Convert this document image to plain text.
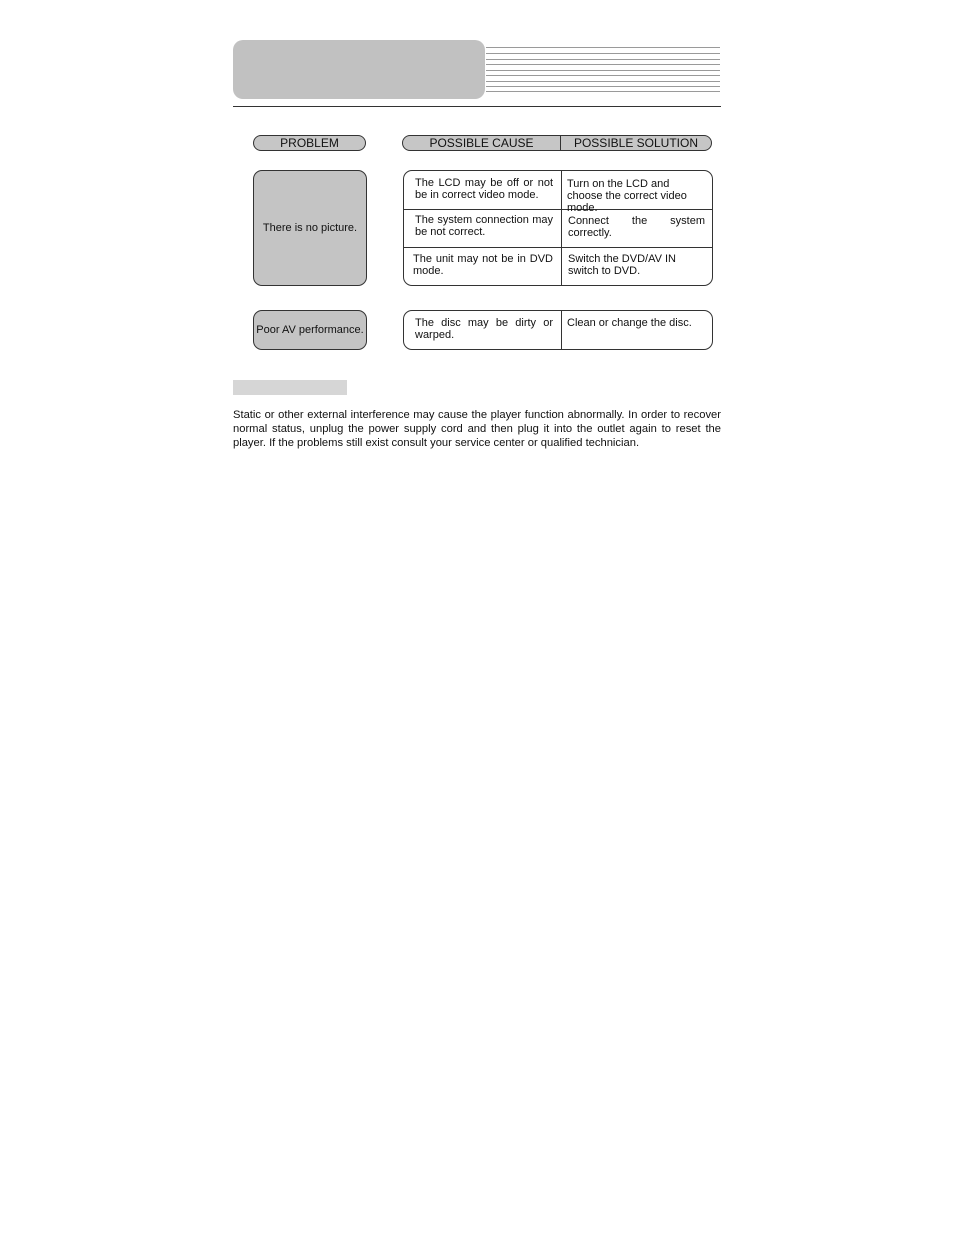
PROBLEM	POSSIBLE CAUSE	POSSIBLE SOLUTION
There is no picture.
The LCD may be off or not be in correct video mode.
Turn on the LCD and choose the correct video mode.
The system connection may be not correct.
Connect the system correctly.
The unit may not be in DVD mode.
Switch the DVD/AV IN switch to DVD.
Poor AV performance.
The disc may be dirty or warped.
Clean or change the disc.
Static or other external interference may cause the player function abnormally. In order to recover normal status, unplug the power supply cord and then plug it into the outlet again to reset the player. If the problems still exist consult your service center or qualified technician.
